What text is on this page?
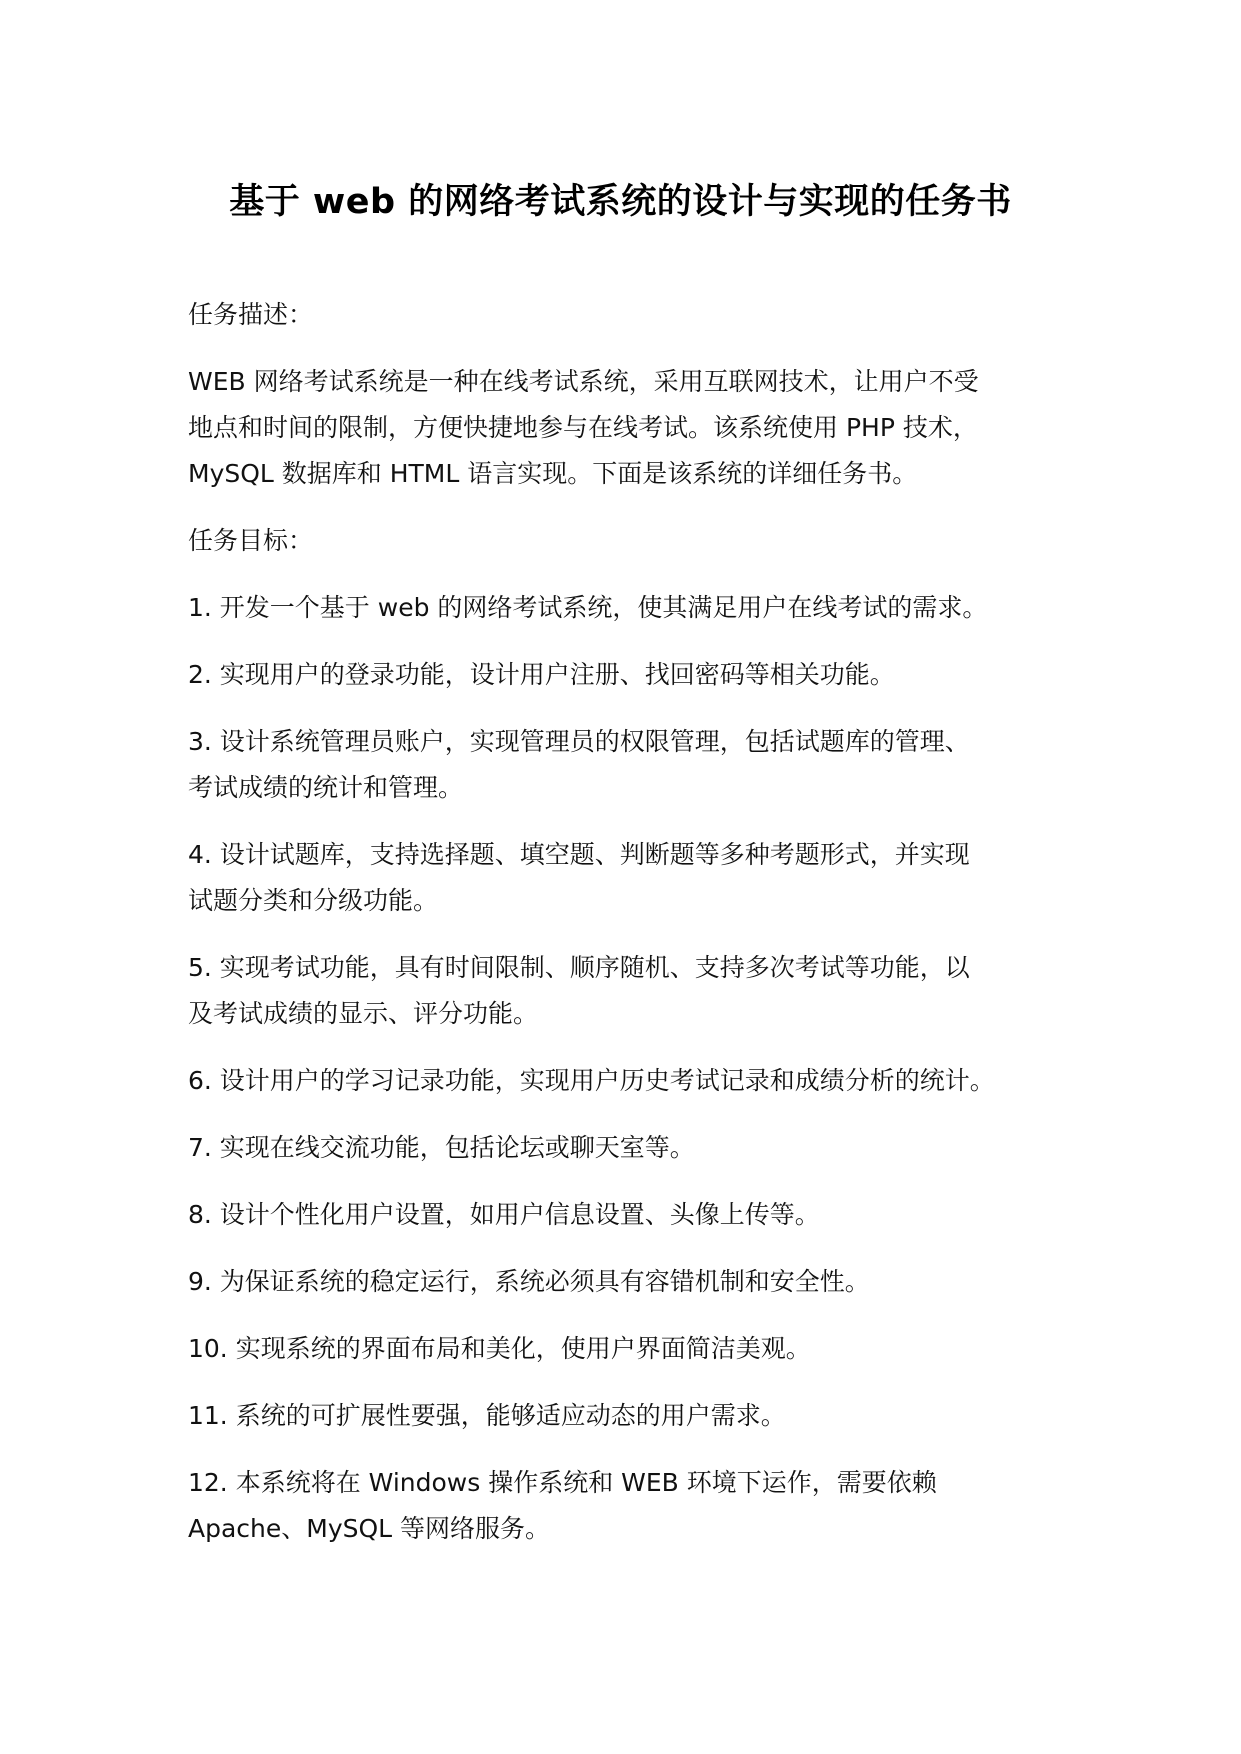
基于 web 的网络考试系统的设计与实现的任务书

任务描述：

WEB 网络考试系统是一种在线考试系统，采用互联网技术，让用户不受
地点和时间的限制，方便快捷地参与在线考试。该系统使用 PHP 技术，
MySQL 数据库和 HTML 语言实现。下面是该系统的详细任务书。

任务目标：

1. 开发一个基于 web 的网络考试系统，使其满足用户在线考试的需求。

2. 实现用户的登录功能，设计用户注册、找回密码等相关功能。

3. 设计系统管理员账户，实现管理员的权限管理，包括试题库的管理、
考试成绩的统计和管理。

4. 设计试题库，支持选择题、填空题、判断题等多种考题形式，并实现
试题分类和分级功能。

5. 实现考试功能，具有时间限制、顺序随机、支持多次考试等功能，以
及考试成绩的显示、评分功能。

6. 设计用户的学习记录功能，实现用户历史考试记录和成绩分析的统计。

7. 实现在线交流功能，包括论坛或聊天室等。

8. 设计个性化用户设置，如用户信息设置、头像上传等。

9. 为保证系统的稳定运行，系统必须具有容错机制和安全性。

10. 实现系统的界面布局和美化，使用户界面简洁美观。

11. 系统的可扩展性要强，能够适应动态的用户需求。

12. 本系统将在 Windows 操作系统和 WEB 环境下运作，需要依赖
Apache、MySQL 等网络服务。
